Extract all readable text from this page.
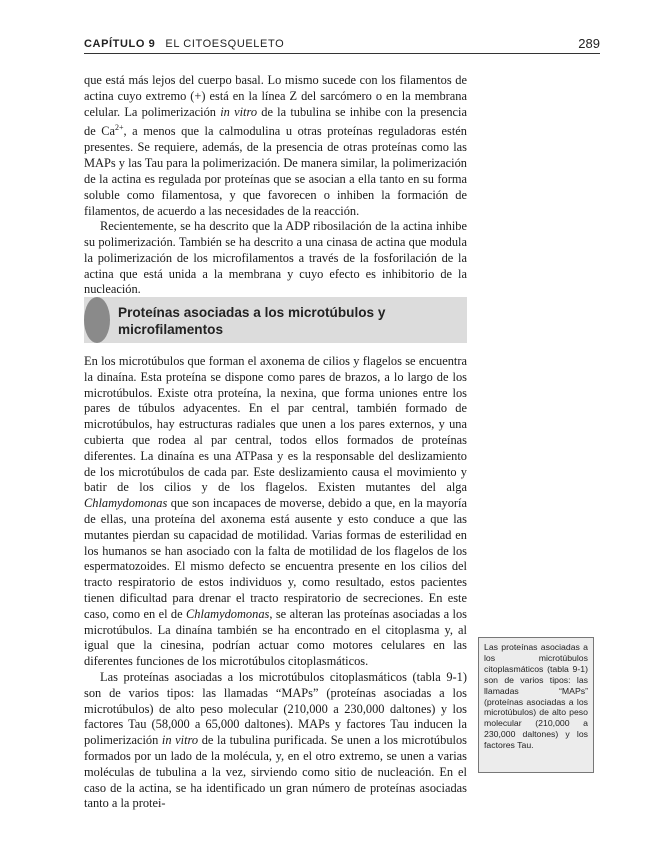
CAPÍTULO 9 EL CITOESQUELETO	289

que está más lejos del cuerpo basal. Lo mismo sucede con los filamentos de actina cuyo extremo (+) está en la línea Z del sarcómero o en la membrana celular. La polimerización in vitro de la tubulina se inhibe con la presencia de $Ca^{2+}$, a menos que la calmodulina u otras proteínas reguladoras estén presentes. Se requiere, además, de la presencia de otras proteínas como las MAPs y las Tau para la polimerización. De manera similar, la polimerización de la actina es regulada por proteínas que se asocian a ella tanto en su forma soluble como filamentosa, y que favorecen o inhiben la formación de filamentos, de acuerdo a las necesidades de la reacción.

Recientemente, se ha descrito que la ADP ribosilación de la actina inhibe su polimerización. También se ha descrito a una cinasa de actina que modula la polimerización de los microfilamentos a través de la fosforilación de la actina que está unida a la membrana y cuyo efecto es inhibitorio de la nucleación.

Proteínas asociadas a los microtúbulos y microfilamentos

En los microtúbulos que forman el axonema de cilios y flagelos se encuentra la dinaína. Esta proteína se dispone como pares de brazos, a lo largo de los microtúbulos. Existe otra proteína, la nexina, que forma uniones entre los pares de túbulos adyacentes. En el par central, también formado de microtúbulos, hay estructuras radiales que unen a los pares externos, y una cubierta que rodea al par central, todos ellos formados de proteínas diferentes. La dinaína es una ATPasa y es la responsable del deslizamiento de los microtúbulos de cada par. Este deslizamiento causa el movimiento y batir de los cilios y de los flagelos. Existen mutantes del alga Chlamydomonas que son incapaces de moverse, debido a que, en la mayoría de ellas, una proteína del axonema está ausente y esto conduce a que las mutantes pierdan su capacidad de motilidad. Varias formas de esterilidad en los humanos se han asociado con la falta de motilidad de los flagelos de los espermatozoides. El mismo defecto se encuentra presente en los cilios del tracto respiratorio de estos individuos y, como resultado, estos pacientes tienen dificultad para drenar el tracto respiratorio de secreciones. En este caso, como en el de Chlamydomonas, se alteran las proteínas asociadas a los microtúbulos. La dinaína también se ha encontrado en el citoplasma y, al igual que la cinesina, podrían actuar como motores celulares en las diferentes funciones de los microtúbulos citoplasmáticos.

Las proteínas asociadas a los microtúbulos citoplasmáticos (tabla 9-1) son de varios tipos: las llamadas “MAPs” (proteínas asociadas a los microtúbulos) de alto peso molecular (210,000 a 230,000 daltones) y los factores Tau (58,000 a 65,000 daltones). MAPs y factores Tau inducen la polimerización in vitro de la tubulina purificada. Se unen a los microtúbulos formados por un lado de la molécula, y, en el otro extremo, se unen a varias moléculas de tubulina a la vez, sirviendo como sitio de nucleación. En el caso de la actina, se ha identificado un gran número de proteínas asociadas tanto a la protei-

Las proteínas asociadas a los microtúbulos citoplasmáticos (tabla 9-1) son de varios tipos: las llamadas “MAPs” (proteínas asociadas a los microtúbulos) de alto peso molecular (210,000 a 230,000 daltones) y los factores Tau.
